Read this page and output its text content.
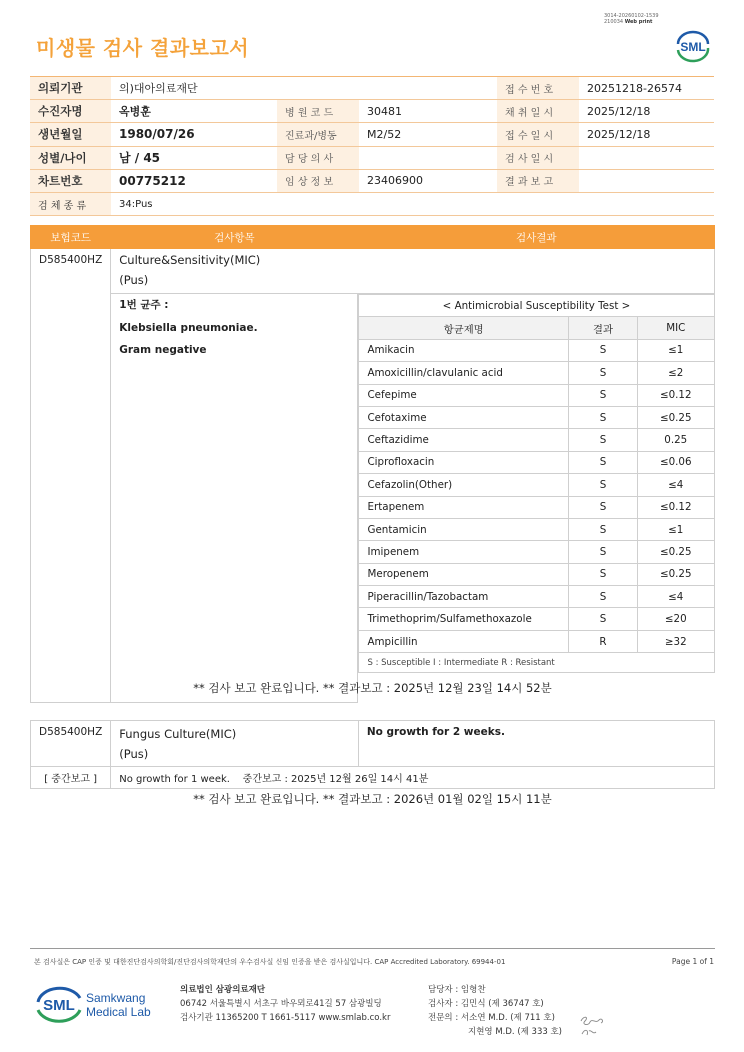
3014-20260102-1539
210034 Web print
미생물 검사 결과보고서	SML
의뢰기관	의)대아의료재단			접 수 번 호	20251218-26574
수진자명	옥병훈	병 원 코 드	30481	채 취 일 시	2025/12/18
생년월일	1980/07/26	진료과/병동	M2/52	접 수 일 시	2025/12/18
성별/나이	남 / 45	담 당 의 사		검 사 일 시	
차트번호	00775212	임 상 정 보	23406900	결 과 보 고	
검 체 종 류	34:Pus				
보험코드	검사항목	검사결과
D585400HZ	Culture&Sensitivity(MIC)
(Pus)

1번 균주 :
Klebsiella pneumoniae.
Gram negative

< Antimicrobial Susceptibility Test >
항균제명	결과	MIC
Amikacin	S	≤1
Amoxicillin/clavulanic acid	S	≤2
Cefepime	S	≤0.12
Cefotaxime	S	≤0.25
Ceftazidime	S	0.25
Ciprofloxacin	S	≤0.06
Cefazolin(Other)	S	≤4
Ertapenem	S	≤0.12
Gentamicin	S	≤1
Imipenem	S	≤0.25
Meropenem	S	≤0.25
Piperacillin/Tazobactam	S	≤4
Trimethoprim/Sulfamethoxazole	S	≤20
Ampicillin	R	≥32
S : Susceptible I : Intermediate R : Resistant
** 검사 보고 완료입니다. ** 결과보고 : 2025년 12월 23일 14시 52분
D585400HZ	Fungus Culture(MIC)
(Pus)	No growth for 2 weeks.
[ 중간보고 ]	No growth for 1 week.    중간보고 : 2025년 12월 26일 14시 41분	
** 검사 보고 완료입니다. ** 결과보고 : 2026년 01월 02일 15시 11분
본 검사실은 CAP 인증 및 대한진단검사의학회/진단검사의학재단의 우수검사실 신임 인증을 받은 검사실입니다. CAP Accredited Laboratory. 69944-01	Page 1 of 1
SML Samkwang
Medical Lab
의료법인 삼광의료재단
06742 서울특별시 서초구 바우뫼로41길 57 삼광빌딩
검사기관 11365200 T 1661-5117 www.smlab.co.kr
담당자 : 임형찬
검사자 : 김민식 (제 36747 호)
전문의 : 서소연 M.D. (제 711 호)
지현영 M.D. (제 333 호)
